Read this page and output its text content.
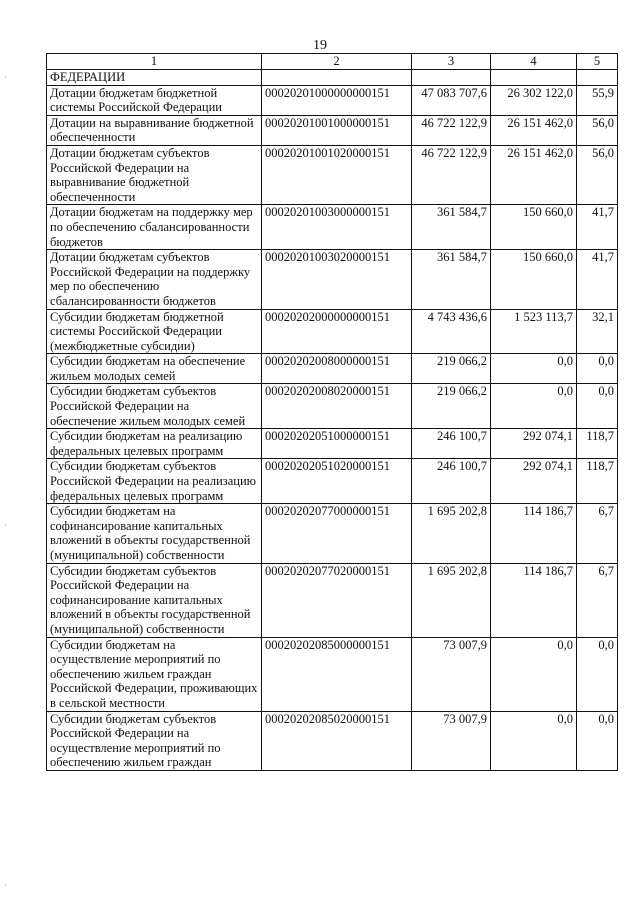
19
1	2	3	4	5
ФЕДЕРАЦИИ				
Дотации бюджетам бюджетной системы Российской Федерации	00020201000000000151	47 083 707,6	26 302 122,0	55,9
Дотации на выравнивание бюджетной обеспеченности	00020201001000000151	46 722 122,9	26 151 462,0	56,0
Дотации бюджетам субъектов Российской Федерации на выравнивание бюджетной обеспеченности	00020201001020000151	46 722 122,9	26 151 462,0	56,0
Дотации бюджетам на поддержку мер по обеспечению сбалансированности бюджетов	00020201003000000151	361 584,7	150 660,0	41,7
Дотации бюджетам субъектов Российской Федерации на поддержку мер по обеспечению сбалансированности бюджетов	00020201003020000151	361 584,7	150 660,0	41,7
Субсидии бюджетам бюджетной системы Российской Федерации (межбюджетные субсидии)	00020202000000000151	4 743 436,6	1 523 113,7	32,1
Субсидии бюджетам на обеспечение жильем молодых семей	00020202008000000151	219 066,2	0,0	0,0
Субсидии бюджетам субъектов Российской Федерации на обеспечение жильем молодых семей	00020202008020000151	219 066,2	0,0	0,0
Субсидии бюджетам на реализацию федеральных целевых программ	00020202051000000151	246 100,7	292 074,1	118,7
Субсидии бюджетам субъектов Российской Федерации на реализацию федеральных целевых программ	00020202051020000151	246 100,7	292 074,1	118,7
Субсидии бюджетам на софинансирование капитальных вложений в объекты государственной (муниципальной) собственности	00020202077000000151	1 695 202,8	114 186,7	6,7
Субсидии бюджетам субъектов Российской Федерации на софинансирование капитальных вложений в объекты государственной (муниципальной) собственности	00020202077020000151	1 695 202,8	114 186,7	6,7
Субсидии бюджетам на осуществление мероприятий по обеспечению жильем граждан Российской Федерации, проживающих в сельской местности	00020202085000000151	73 007,9	0,0	0,0
Субсидии бюджетам субъектов Российской Федерации на осуществление мероприятий по обеспечению жильем граждан	00020202085020000151	73 007,9	0,0	0,0
·
·
·
